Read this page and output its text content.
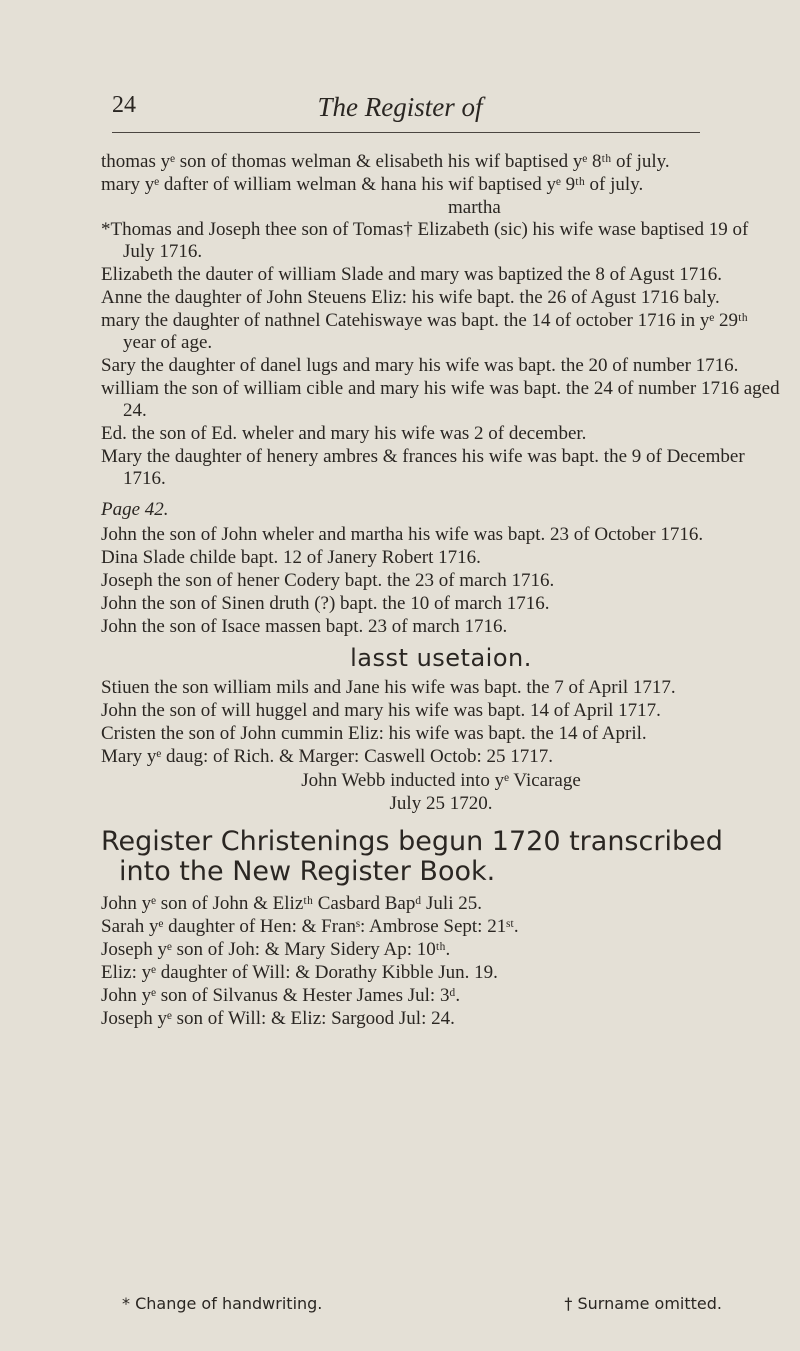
24	The Register of

thomas yᵉ son of thomas welman & elisabeth his wif baptised yᵉ 8ᵗʰ of july.

mary yᵉ dafter of william welman & hana his wif baptised yᵉ 9ᵗʰ of july.

martha

*Thomas and Joseph thee son of Tomas† Elizabeth (sic) his wife wase baptised 19 of July 1716.

Elizabeth the dauter of william Slade and mary was baptized the 8 of Agust 1716.

Anne the daughter of John Steuens Eliz: his wife bapt. the 26 of Agust 1716 baly.

mary the daughter of nathnel Catehiswaye was bapt. the 14 of october 1716 in yᵉ 29ᵗʰ year of age.

Sary the daughter of danel lugs and mary his wife was bapt. the 20 of number 1716.

william the son of william cible and mary his wife was bapt. the 24 of number 1716 aged 24.

Ed. the son of Ed. wheler and mary his wife was 2 of december.

Mary the daughter of henery ambres & frances his wife was bapt. the 9 of December 1716.

Page 42.

John the son of John wheler and martha his wife was bapt. 23 of October 1716.

Dina Slade childe bapt. 12 of Janery Robert 1716.

Joseph the son of hener Codery bapt. the 23 of march 1716.

John the son of Sinen druth (?) bapt. the 10 of march 1716.

John the son of Isace massen bapt. 23 of march 1716.

lasst usetaion.

Stiuen the son william mils and Jane his wife was bapt. the 7 of April 1717.

John the son of will huggel and mary his wife was bapt. 14 of April 1717.

Cristen the son of John cummin Eliz: his wife was bapt. the 14 of April.

Mary yᵉ daug: of Rich. & Marger: Caswell Octob: 25 1717.

John Webb inducted into yᵉ Vicarage

July 25 1720.

Register Christenings begun 1720 transcribed into the New Register Book.

John yᵉ son of John & Elizᵗʰ Casbard Bapᵈ Juli 25.

Sarah yᵉ daughter of Hen: & Franˢ: Ambrose Sept: 21ˢᵗ.

Joseph yᵉ son of Joh: & Mary Sidery Ap: 10ᵗʰ.

Eliz: yᵉ daughter of Will: & Dorathy Kibble Jun. 19.

John yᵉ son of Silvanus & Hester James Jul: 3ᵈ.

Joseph yᵉ son of Will: & Eliz: Sargood Jul: 24.

* Change of handwriting.	† Surname omitted.
